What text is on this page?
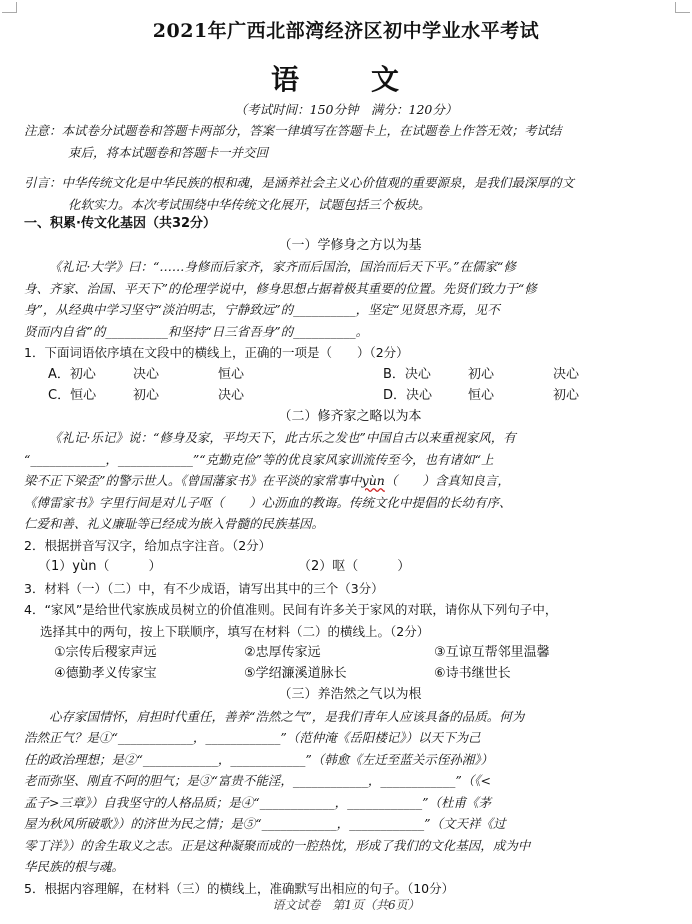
2021年广西北部湾经济区初中学业水平考试
语　文
（考试时间：150分钟　满分：120分）
注意：本试卷分试题卷和答题卡两部分，答案一律填写在答题卡上，在试题卷上作答无效；考试结
束后，将本试题卷和答题卡一并交回
引言：中华传统文化是中华民族的根和魂，是涵养社会主义心价值观的重要源泉，是我们最深厚的文
化软实力。本次考试围绕中华传统文化展开，试题包括三个板块。
一、积累·传文化基因（共32分）
（一）学修身之方以为基
《礼记·大学》曰：“……身修而后家齐，家齐而后国治，国治而后天下平。”在儒家“修
身、齐家、治国、平天下”的伦理学说中，修身思想占据着极其重要的位置。先贤们致力于“修
身”，从经典中学习坚守“淡泊明志，宁静致远”的__________，坚定“见贤思齐焉，见不
贤而内自省”的__________和坚持“日三省吾身”的__________。
1．下面词语依序填在文段中的横线上，正确的一项是（　　）（2分）
A．初心	决心	恒心	B．决心	初心	决心
C．恒心	初心	决心	D．决心	恒心	初心
（二）修齐家之略以为本
《礼记·乐记》说：“修身及家，平均天下，此古乐之发也”中国自古以来重视家风，有
“____________，____________”“克勤克俭”等的优良家风家训流传至今，也有诸如“上
梁不正下梁歪”的警示世人。《曾国藩家书》在平淡的家常事中yùn（　　）含真知良言，
《傅雷家书》字里行间是对儿子呕（　　）心沥血的教诲。传统文化中提倡的长幼有序、
仁爱和善、礼义廉耻等已经成为嵌入骨髓的民族基因。
2．根据拼音写汉字，给加点字注音。（2分）
（1）yùn（　　　）	（2）呕（　　　）
3．材料（一）（二）中，有不少成语，请写出其中的三个（3分）
4．“家风”是给世代家族成员树立的价值准则。民间有许多关于家风的对联，请你从下列句子中，
选择其中的两句，按上下联顺序，填写在材料（二）的横线上。（2分）
①宗传后稷家声远	②忠厚传家远	③互谅互帮邻里温馨
④德勤孝义传家宝	⑤学绍濂溪道脉长	⑥诗书继世长
（三）养浩然之气以为根
心存家国情怀，肩担时代重任，善养“浩然之气”，是我们青年人应该具备的品质。何为
浩然正气？是①“____________，____________”（范仲淹《岳阳楼记》）以天下为己
任的政治理想；是②“____________，____________”（韩愈《左迁至蓝关示侄孙湘》）
老而弥坚、刚直不阿的胆气；是③“富贵不能淫，____________，____________”（《<
孟子>三章》）自我坚守的人格品质；是④“____________，____________”（杜甫《茅
屋为秋风所破歌》）的济世为民之情；是⑤“____________，____________”（文天祥《过
零丁洋》）的舍生取义之志。正是这种凝聚而成的一腔热忱，形成了我们的文化基因，成为中
华民族的根与魂。
5．根据内容理解，在材料（三）的横线上，准确默写出相应的句子。（10分）
语文试卷　第1页（共6页）
